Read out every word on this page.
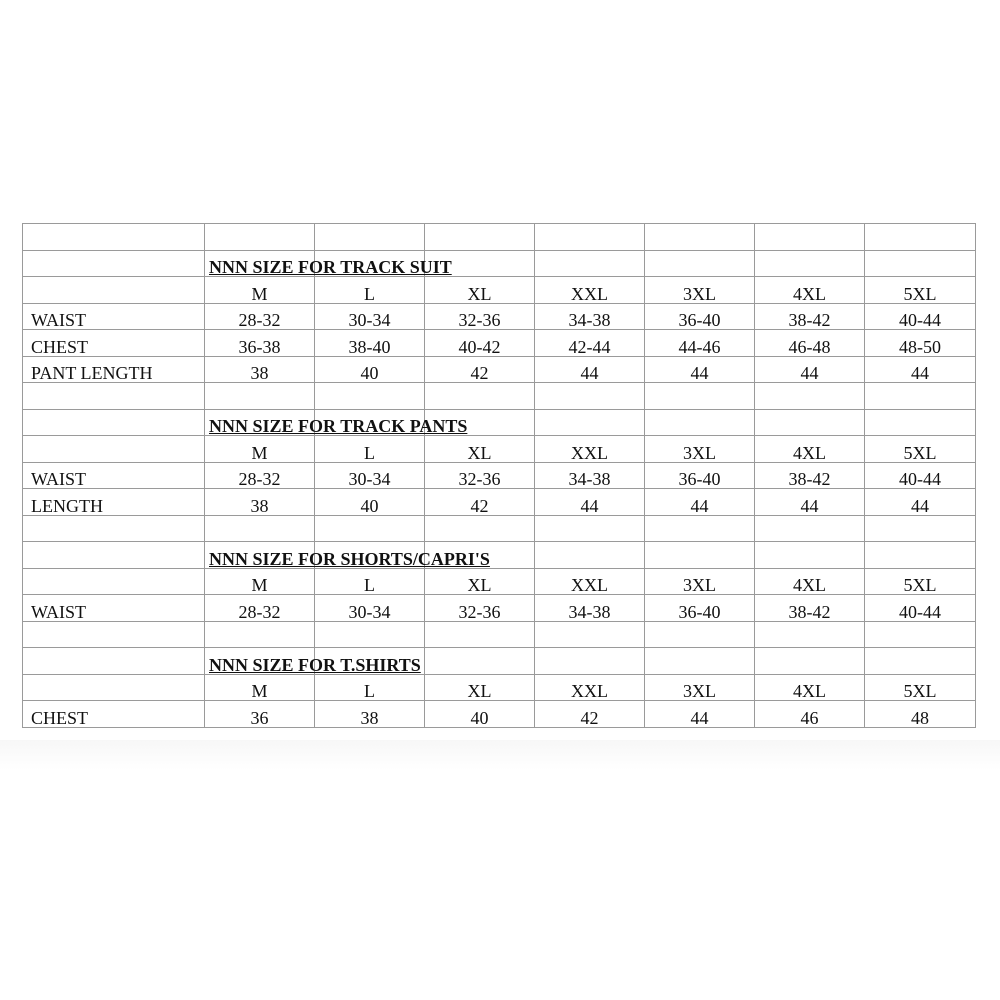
	NNN SIZE FOR TRACK SUIT						
	M	L	XL	XXL	3XL	4XL	5XL
WAIST	28-32	30-34	32-36	34-38	36-40	38-42	40-44
CHEST	36-38	38-40	40-42	42-44	44-46	46-48	48-50
PANT LENGTH	38	40	42	44	44	44	44

	NNN SIZE FOR TRACK PANTS						
	M	L	XL	XXL	3XL	4XL	5XL
WAIST	28-32	30-34	32-36	34-38	36-40	38-42	40-44
LENGTH	38	40	42	44	44	44	44

	NNN SIZE FOR SHORTS/CAPRI'S						
	M	L	XL	XXL	3XL	4XL	5XL
WAIST	28-32	30-34	32-36	34-38	36-40	38-42	40-44

	NNN SIZE FOR T.SHIRTS						
	M	L	XL	XXL	3XL	4XL	5XL
CHEST	36	38	40	42	44	46	48
